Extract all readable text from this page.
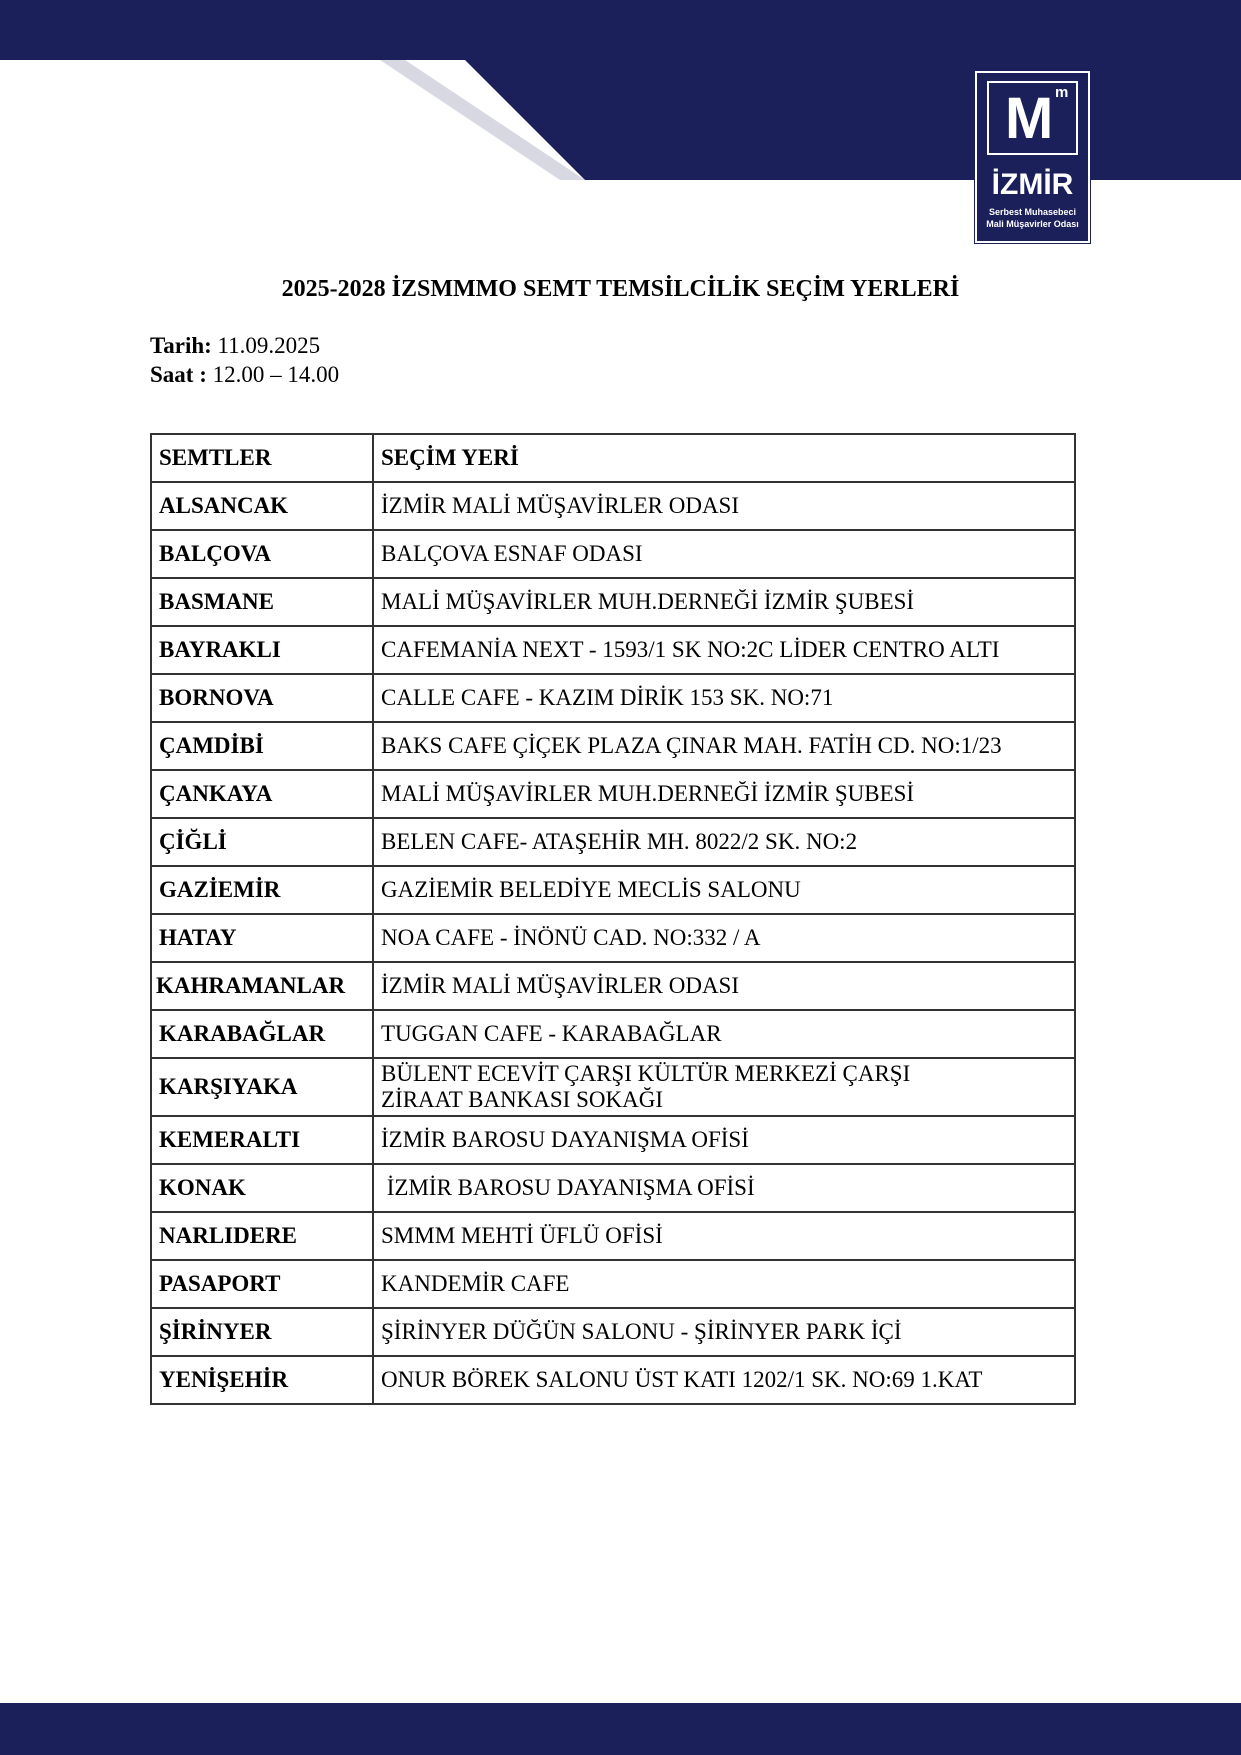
M m
İZMİR
Serbest Muhasebeci
Mali Müşavirler Odası
2025-2028 İZSMMMO SEMT TEMSİLCİLİK SEÇİM YERLERİ
Tarih: 11.09.2025
Saat : 12.00 – 14.00
SEMTLER	SEÇİM YERİ
ALSANCAK	İZMİR MALİ MÜŞAVİRLER ODASI
BALÇOVA	BALÇOVA ESNAF ODASI
BASMANE	MALİ MÜŞAVİRLER MUH.DERNEĞİ İZMİR ŞUBESİ
BAYRAKLI	CAFEMANİA NEXT - 1593/1 SK NO:2C LİDER CENTRO ALTI
BORNOVA	CALLE CAFE - KAZIM DİRİK 153 SK. NO:71
ÇAMDİBİ	BAKS CAFE ÇİÇEK PLAZA ÇINAR MAH. FATİH CD. NO:1/23
ÇANKAYA	MALİ MÜŞAVİRLER MUH.DERNEĞİ İZMİR ŞUBESİ
ÇİĞLİ	BELEN CAFE- ATAŞEHİR MH. 8022/2 SK. NO:2
GAZİEMİR	GAZİEMİR BELEDİYE MECLİS SALONU
HATAY	NOA CAFE - İNÖNÜ CAD. NO:332 / A
KAHRAMANLAR	İZMİR MALİ MÜŞAVİRLER ODASI
KARABAĞLAR	TUGGAN CAFE - KARABAĞLAR
KARŞIYAKA	BÜLENT ECEVİT ÇARŞI KÜLTÜR MERKEZİ ÇARŞI ZİRAAT BANKASI SOKAĞI
KEMERALTI	İZMİR BAROSU DAYANIŞMA OFİSİ
KONAK	İZMİR BAROSU DAYANIŞMA OFİSİ
NARLIDERE	SMMM MEHTİ ÜFLÜ OFİSİ
PASAPORT	KANDEMİR CAFE
ŞİRİNYER	ŞİRİNYER DÜĞÜN SALONU - ŞİRİNYER PARK İÇİ
YENİŞEHİR	ONUR BÖREK SALONU ÜST KATI 1202/1 SK. NO:69 1.KAT
